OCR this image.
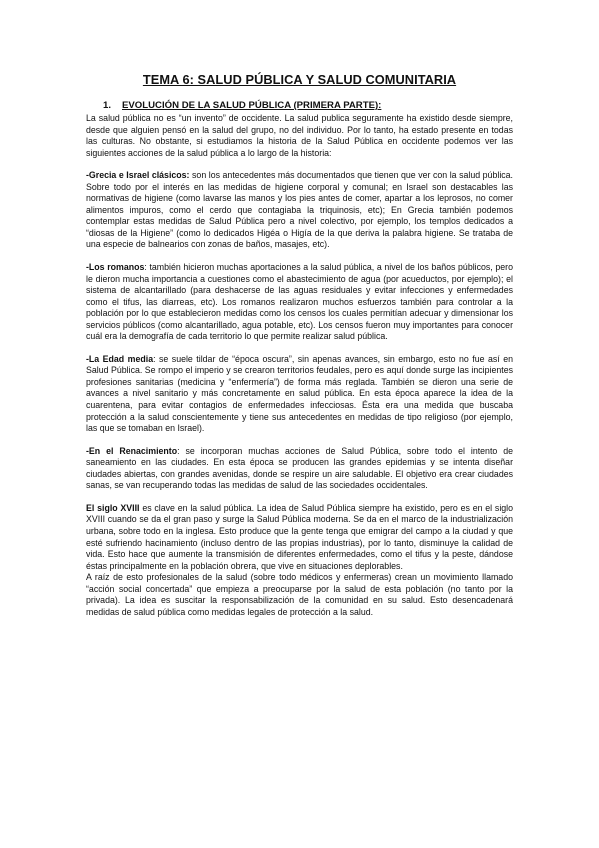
TEMA 6: SALUD PÚBLICA Y SALUD COMUNITARIA
1. EVOLUCIÓN DE LA SALUD PÚBLICA (PRIMERA PARTE):

La salud pública no es “un invento” de occidente. La salud publica seguramente ha existido desde siempre, desde que alguien pensó en la salud del grupo, no del individuo. Por lo tanto, ha estado presente en todas las culturas. No obstante, si estudiamos la historia de la Salud Pública en occidente podemos ver las siguientes acciones de la salud pública a lo largo de la historia:

-Grecia e Israel clásicos: son los antecedentes más documentados que tienen que ver con la salud pública. Sobre todo por el interés en las medidas de higiene corporal y comunal; en Israel son destacables las normativas de higiene (como lavarse las manos y los pies antes de comer, apartar a los leprosos, no comer alimentos impuros, como el cerdo que contagiaba la triquinosis, etc); En Grecia también podemos contemplar estas medidas de Salud Pública pero a nivel colectivo, por ejemplo, los templos dedicados a “diosas de la Higiene” (como lo dedicados Higéa o Higía de la que deriva la palabra higiene. Se trataba de una especie de balnearios con zonas de baños, masajes, etc).

-Los romanos: también hicieron muchas aportaciones a la salud pública, a nivel de los baños públicos, pero le dieron mucha importancia a cuestiones como el abastecimiento de agua (por acueductos, por ejemplo); el sistema de alcantarillado (para deshacerse de las aguas residuales y evitar infecciones y enfermedades como el tifus, las diarreas, etc). Los romanos realizaron muchos esfuerzos también para controlar a la población por lo que establecieron medidas como los censos los cuales permitían adecuar y dimensionar los servicios públicos (como alcantarillado, agua potable, etc). Los censos fueron muy importantes para conocer cuál era la demografía de cada territorio lo que permite realizar salud pública.

-La Edad media: se suele tildar de “época oscura”, sin apenas avances, sin embargo, esto no fue así en Salud Pública. Se rompo el imperio y se crearon territorios feudales, pero es aquí donde surge las incipientes profesiones sanitarias (medicina y “enfermería”) de forma más reglada. También se dieron una serie de avances a nivel sanitario y más concretamente en salud pública. En esta época aparece la idea de la cuarentena, para evitar contagios de enfermedades infecciosas. Ésta era una medida que buscaba protección a la salud conscientemente y tiene sus antecedentes en medidas de tipo religioso (por ejemplo, las que se tomaban en Israel).

-En el Renacimiento: se incorporan muchas acciones de Salud Pública, sobre todo el intento de saneamiento en las ciudades. En esta época se producen las grandes epidemias y se intenta diseñar ciudades abiertas, con grandes avenidas, donde se respire un aire saludable. El objetivo era crear ciudades sanas, se van recuperando todas las medidas de salud de las sociedades occidentales.

El siglo XVIII es clave en la salud pública. La idea de Salud Pública siempre ha existido, pero es en el siglo XVIII cuando se da el gran paso y surge la Salud Pública moderna. Se da en el marco de la industrialización urbana, sobre todo en la inglesa. Esto produce que la gente tenga que emigrar del campo a la ciudad y que esté sufriendo hacinamiento (incluso dentro de las propias industrias), por lo tanto, disminuye la calidad de vida. Esto hace que aumente la transmisión de diferentes enfermedades, como el tifus y la peste, dándose éstas principalmente en la población obrera, que vive en situaciones deplorables.

A raíz de esto profesionales de la salud (sobre todo médicos y enfermeras) crean un movimiento llamado “acción social concertada” que empieza a preocuparse por la salud de esta población (no tanto por la privada). La idea es suscitar la responsabilización de la comunidad en su salud. Esto desencadenará medidas de salud pública como medidas legales de protección a la salud.
